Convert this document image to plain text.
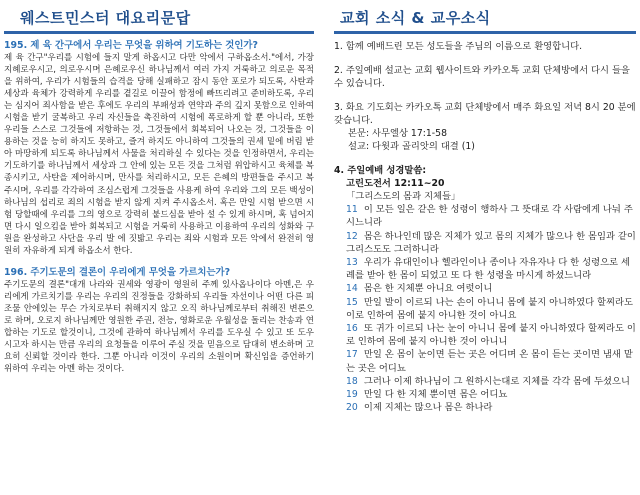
웨스트민스터 대요리문답

195. 제 육 간구에서 우리는 무엇을 위하여 기도하는 것인가?

제 육 간구"우리를 시험에 들지 말게 하옵시고 다만 악에서 구하옵소서."에서, 가장 지혜로우시고, 의로우시며 은혜로우신 하나님께서 여러 가지 거룩하고 의로운 목적을 위하여, 우리가 시험들의 습격을 당해 실패하고 잠시 동안 포로가 되도록, 사탄과 세상과 육체가 강력하게 우리를 곁길로 이끌어 함정에 빠뜨리려고 준비하도록, 우리는 심지어 죄사함을 받은 후에도 우리의 부패성과 연약과 주의 깊지 못함으로 인하여 시험을 받기 굴복하고 우리 자신들을 촉진하여 시험에 폭로하게 할 뿐 아니라, 또한 우리들 스스로 그것들에 저항하는 것, 그것들에서 회복되어 나오는 것, 그것들을 이용하는 것을 능히 하지도 못하고, 즐겨 하지도 아니하여 그것들의 권세 밑에 버림 받아 마땅하게 되도록 하나님께서 사물을 처리하실 수 있다는 것을 인정하면서, 우리는 기도하기를 하나님께서 세상과 그 안에 있는 모든 것을 그처럼 위압하시고 육체를 복종시키고, 사탄을 제어하시며, 만사를 처리하시고, 모든 은혜의 방편들을 주시고 복주시며, 우리를 각각하여 조심스럽게 그것들을 사용케 하여 우리와 그의 모든 백성이 하나님의 섭리로 죄의 시험을 받지 않게 지켜 주시옵소서. 혹은 만일 시험 받으면 시험 당할때에 우리를 그의 영으로 강력히 붙드심을 받아 설 수 있게 하시며, 혹 넘어지면 다시 일으킴을 받아 회복되고 시험을 거룩히 사용하고 이용하여 우리의 성화와 구원을 완성하고 사단을 우리 발 에 짓밟고 우리는 죄와 시험과 모든 악에서 완전히 영원히 자유하게 되게 하옵소서 한다.

196. 주기도문의 결론이 우리에게 무엇을 가르치는가?

주기도문의 결론"대개 나라와 권세와 영광이 영원히 주께 있사옵나이다 아멘,은 우리에게 가르치기를 우리는 우리의 진정들을 강화하되 우리들 자선이나 어떤 다른 피조물 안에있는 무슨 가치로부터 취해지지 않고 오직 하나님께로부터 취해진 변론으로 하며, 오로지 하나님께만 영원한 주권, 전능, 영화로운 우월성을 돌리는 찬송과 연합하는 기도로 할것이니, 그것에 관하여 하나님께서 우리를 도우실 수 있고 또 도우시고자 하시는 만큼 우리의 요청들을 이루어 주실 것을 믿음으로 담대히 변소하며 고요히 신뢰할 것이라 한다. 그뿐 아니라 이것이 우리의 소원이며 확신임을 증언하기 위하여 우리는 아멘 하는 것이다.

교회 소식 & 교우소식
1. 함께 예배드린 모든 성도들을 주님의 이름으로 환영합니다.
2. 주일예배 설교는 교회 웹사이트와 카카오톡 교회 단체방에서 다시 들을 수 있습니다.
3. 화요 기도회는 카카오톡 교회 단체방에서 매주 화요일 저녁 8시 20 분에 갖습니다.
본문: 사무엘상 17:1-58
설교: 다윗과 골리앗의 대결 (1)
4. 주일예배 성경말씀:
고린도전서 12:11~20
「그리스도의 몸과 지체들」
11 이 모든 일은 같은 한 성령이 행하사 그 뜻대로 각 사람에게 나눠 주시느니라
12 몸은 하나인데 많은 지체가 있고 몸의 지체가 많으나 한 몸임과 같이 그리스도도 그러하니라
13 우리가 유대인이나 헬라인이나 종이나 자유자나 다 한 성령으로 세례를 받아 한 몸이 되었고 또 다 한 성령을 마시게 하셨느니라
14 몸은 한 지체뿐 아니요 여럿이니
15 만일 발이 이르되 나는 손이 아니니 몸에 붙지 아니하였다 할찌라도 이로 인하여 몸에 붙지 아니한 것이 아니요
16 또 귀가 이르되 나는 눈이 아니니 몸에 붙지 아니하였다 할찌라도 이로 인하여 몸에 붙지 아니한 것이 아니니
17 만일 온 몸이 눈이면 듣는 곳은 어디며 온 몸이 듣는 곳이면 냄새 맡는 곳은 어디뇨
18 그러나 이제 하나님이 그 원하시는대로 지체를 각각 몸에 두셨으니
19 만일 다 한 지체 뿐이면 몸은 어디뇨
20 이제 지체는 많으나 몸은 하나라
